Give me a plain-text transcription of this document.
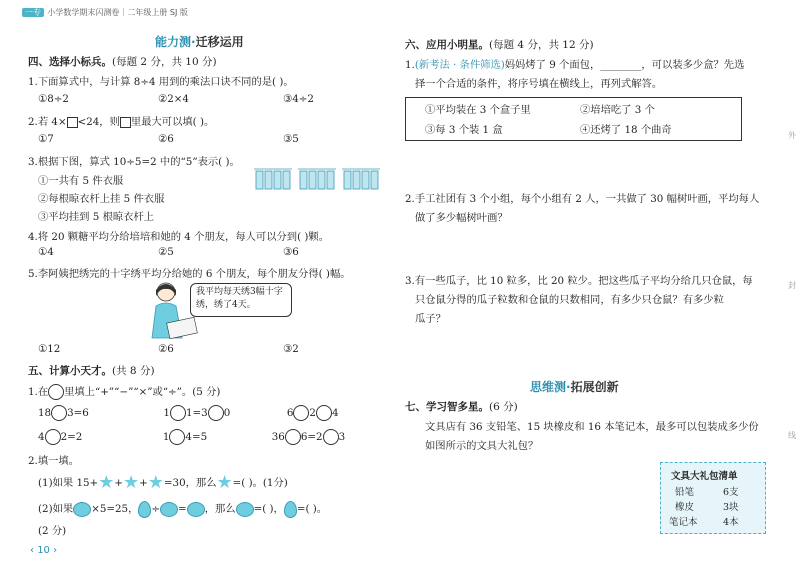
一专 小学数学期末闪测卷｜二年级上册 SJ 版
能力测·迁移运用
四、选择小标兵。(每题 2 分，共 10 分)
1.下面算式中，与计算 8÷4 用到的乘法口诀不同的是( )。
①8÷2	②2×4	③4÷2
2.若 4× <24，则 里最大可以填( )。
①7	②6	③5
3.根据下图，算式 10÷5=2 中的“5”表示( )。
①一共有 5 件衣服
②每根晾衣杆上挂 5 件衣服
③平均挂到 5 根晾衣杆上
4.将 20 颗糖平均分给培培和她的 4 个朋友，每人可以分到( )颗。
①4	②5	③6
5.李阿姨把绣完的十字绣平均分给她的 6 个朋友，每个朋友分得( )幅。
我平均每天绣3幅十字绣，绣了4天。
①12	②6	③2
五、计算小天才。(共 8 分)
1.在 里填上“+”“−”“×”或“÷”。(5 分)
18 3=6	1 1=3 0	6 2 4
4 2=2	1 4=5	36 6=2 3
2.填一填。
(1)如果 15+★+★+★=30，那么★=( )。(1分)
(2)如果 ×5=25， ÷ = ，那么 =( )， =( )。
(2 分)
‹ 10 ›
六、应用小明星。(每题 4 分，共 12 分)
1.(新考法 · 条件筛选)妈妈烤了 9 个面包，________，可以装多少盒？先选
择一个合适的条件，将序号填在横线上，再列式解答。
①平均装在 3 个盒子里	②培培吃了 3 个
③每 3 个装 1 盒	④还烤了 18 个曲奇
2.手工社团有 3 个小组，每个小组有 2 人，一共做了 30 幅树叶画，平均每人
做了多少幅树叶画？
3.有一些瓜子，比 10 粒多，比 20 粒少。把这些瓜子平均分给几只仓鼠，每
只仓鼠分得的瓜子粒数和仓鼠的只数相同，有多少只仓鼠？有多少粒
瓜子？
思维测·拓展创新
七、学习智多星。(6 分)
文具店有 36 支铅笔、15 块橡皮和 16 本笔记本，最多可以包装成多少份
如图所示的文具大礼包？
文具大礼包清单
铅笔	6支
橡皮	3块
笔记本	4本
外
封
线
